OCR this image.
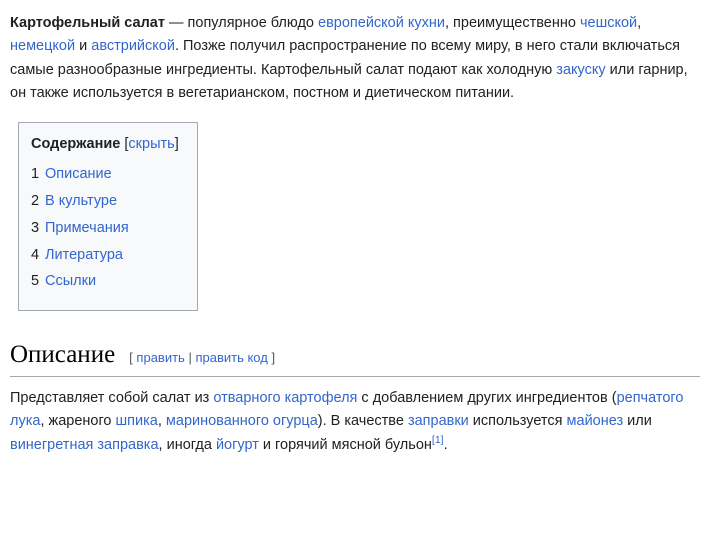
Картофельный салат — популярное блюдо европейской кухни, преимущественно чешской, немецкой и австрийской. Позже получил распространение по всему миру, в него стали включаться самые разнообразные ингредиенты. Картофельный салат подают как холодную закуску или гарнир, он также используется в вегетарианском, постном и диетическом питании.

Содержание [скрыть]
1 Описание
2 В культуре
3 Примечания
4 Литература
5 Ссылки
Описание [ править | править код ]

Представляет собой салат из отварного картофеля с добавлением других ингредиентов (репчатого лука, жареного шпика, маринованного огурца). В качестве заправки используется майонез или винегретная заправка, иногда йогурт и горячий мясной бульон[1].
